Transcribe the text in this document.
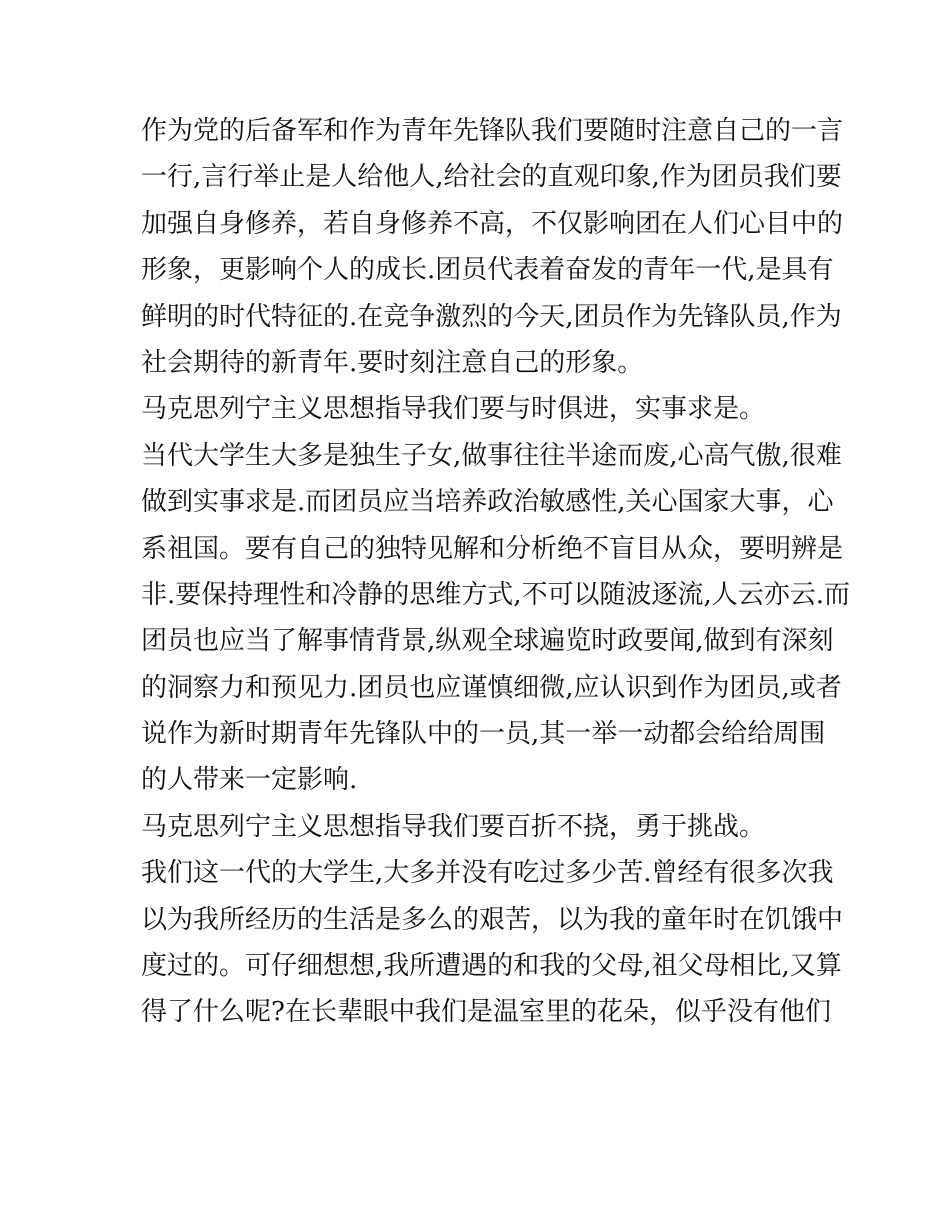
作为党的后备军和作为青年先锋队我们要随时注意自己的一言
一行,言行举止是人给他人,给社会的直观印象,作为团员我们要
加强自身修养，若自身修养不高，不仅影响团在人们心目中的
形象，更影响个人的成长.团员代表着奋发的青年一代,是具有
鲜明的时代特征的.在竞争激烈的今天,团员作为先锋队员,作为
社会期待的新青年.要时刻注意自己的形象。
马克思列宁主义思想指导我们要与时俱进，实事求是。
当代大学生大多是独生子女,做事往往半途而废,心高气傲,很难
做到实事求是.而团员应当培养政治敏感性,关心国家大事，心
系祖国。要有自己的独特见解和分析绝不盲目从众，要明辨是
非.要保持理性和冷静的思维方式,不可以随波逐流,人云亦云.而
团员也应当了解事情背景,纵观全球遍览时政要闻,做到有深刻
的洞察力和预见力.团员也应谨慎细微,应认识到作为团员,或者
说作为新时期青年先锋队中的一员,其一举一动都会给给周围
的人带来一定影响.
马克思列宁主义思想指导我们要百折不挠，勇于挑战。
我们这一代的大学生,大多并没有吃过多少苦.曾经有很多次我
以为我所经历的生活是多么的艰苦，以为我的童年时在饥饿中
度过的。可仔细想想,我所遭遇的和我的父母,祖父母相比,又算
得了什么呢?在长辈眼中我们是温室里的花朵，似乎没有他们
